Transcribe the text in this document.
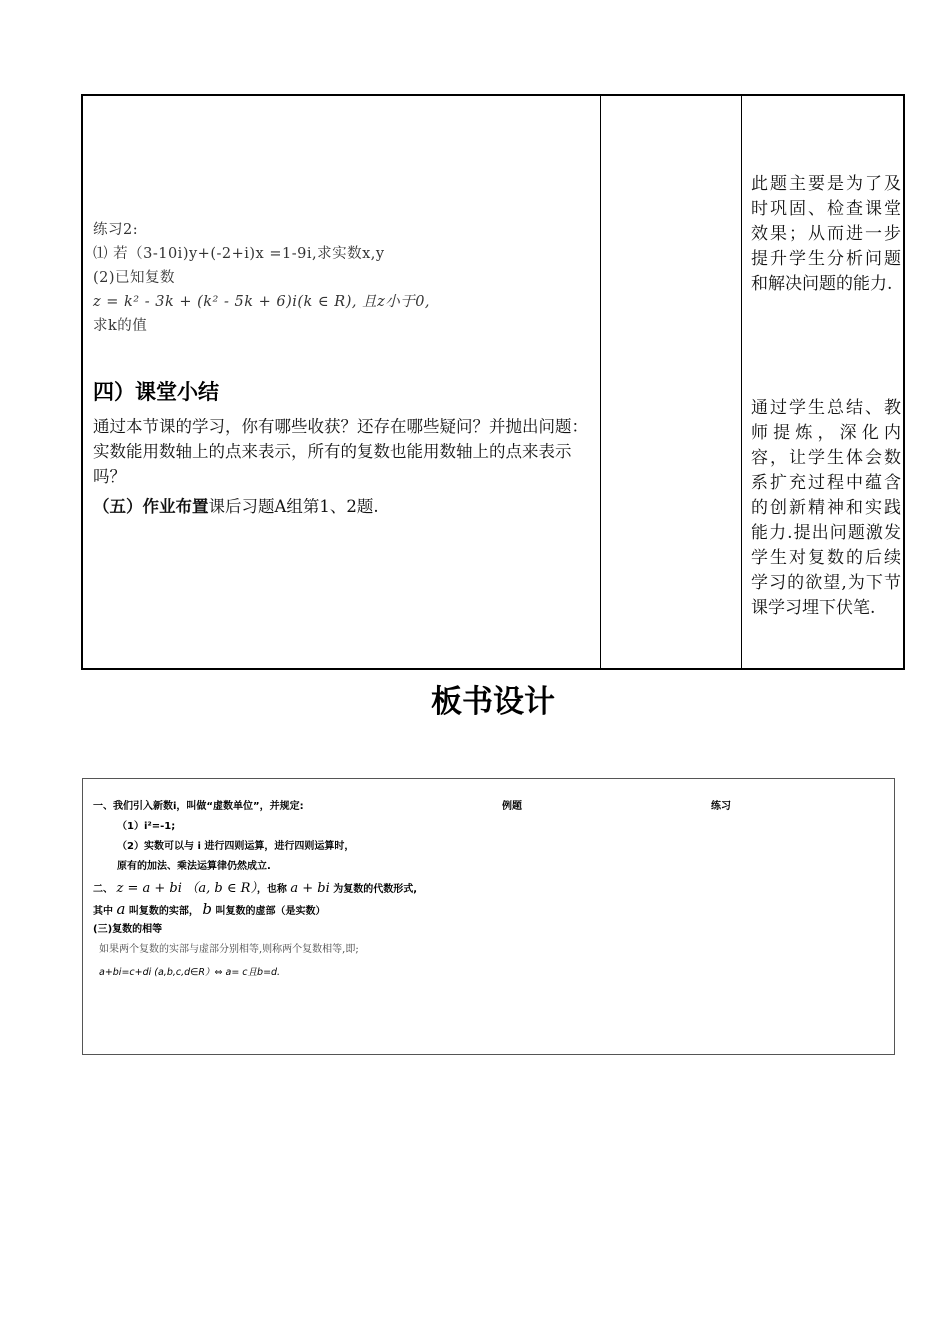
练习2:
⑴ 若（3-10i)y+(-2+i)x =1-9i,求实数x,y
(2)已知复数
z = k² - 3k + (k² - 5k + 6)i(k ∈ R), 且z小于0,
求k的值
四）课堂小结
通过本节课的学习，你有哪些收获？还存在哪些疑问？并抛出问题：实数能用数轴上的点来表示，所有的复数也能用数轴上的点来表示吗？
（五）作业布置课后习题A组第1、2题.
此题主要是为了及时巩固、检查课堂效果；从而进一步提升学生分析问题和解决问题的能力.
通过学生总结、教师提炼，深化内容，让学生体会数系扩充过程中蕴含的创新精神和实践能力.提出问题激发学生对复数的后续学习的欲望,为下节课学习埋下伏笔.
板书设计
一、我们引入新数i，叫做“虚数单位”，并规定:	例题	练习
（1）i²=-1;
（2）实数可以与 i 进行四则运算，进行四则运算时，
原有的加法、乘法运算律仍然成立.
二、 z = a + bi （a, b ∈ R），也称 a + bi 为复数的代数形式,
其中 a 叫复数的实部， b 叫复数的虚部（是实数）
(三)复数的相等
如果两个复数的实部与虚部分别相等,则称两个复数相等,即;
a+bi=c+di (a,b,c,d∈R）⇔ a= c且b=d.
